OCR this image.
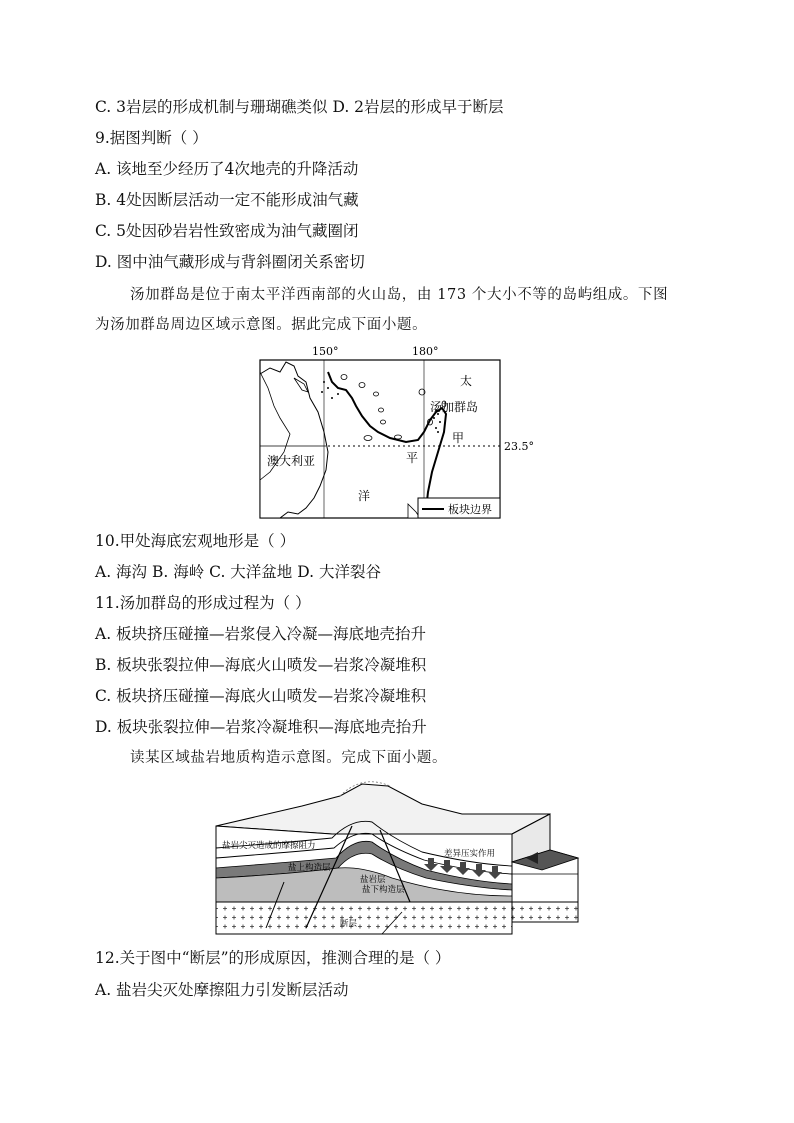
C. 3岩层的形成机制与珊瑚礁类似 D. 2岩层的形成早于断层
9.据图判断（ ）
A. 该地至少经历了4次地壳的升降活动
B. 4处因断层活动一定不能形成油气藏
C. 5处因砂岩岩性致密成为油气藏圈闭
D. 图中油气藏形成与背斜圈闭关系密切
汤加群岛是位于南太平洋西南部的火山岛，由 173 个大小不等的岛屿组成。下图
为汤加群岛周边区域示意图。据此完成下面小题。
150°	180°
23.5°
太
平
洋
澳大利亚
汤加群岛
甲
板块边界
10.甲处海底宏观地形是（ ）
A. 海沟 B. 海岭 C. 大洋盆地 D. 大洋裂谷
11.汤加群岛的形成过程为（ ）
A. 板块挤压碰撞—岩浆侵入冷凝—海底地壳抬升
B. 板块张裂拉伸—海底火山喷发—岩浆冷凝堆积
C. 板块挤压碰撞—海底火山喷发—岩浆冷凝堆积
D. 板块张裂拉伸—岩浆冷凝堆积—海底地壳抬升
读某区域盐岩地质构造示意图。完成下面小题。
盐岩尖灭造成的摩擦阻力
盐上构造层
盐岩层
盐下构造层
断层
差异压实作用
12.关于图中“断层”的形成原因，推测合理的是（ ）
A. 盐岩尖灭处摩擦阻力引发断层活动
